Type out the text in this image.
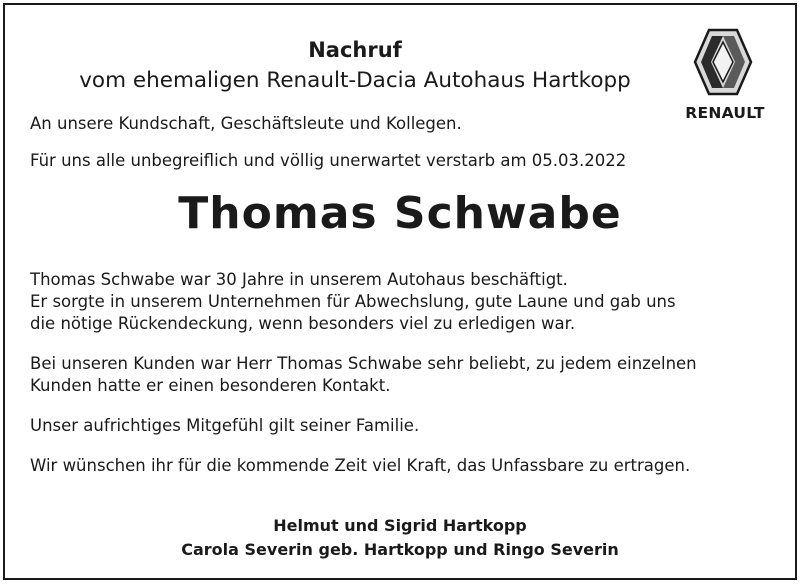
Nachruf
vom ehemaligen Renault-Dacia Autohaus Hartkopp
RENAULT
An unsere Kundschaft, Geschäftsleute und Kollegen.
Für uns alle unbegreiflich und völlig unerwartet verstarb am 05.03.2022
Thomas Schwabe
Thomas Schwabe war 30 Jahre in unserem Autohaus beschäftigt.
Er sorgte in unserem Unternehmen für Abwechslung, gute Laune und gab uns
die nötige Rückendeckung, wenn besonders viel zu erledigen war.
Bei unseren Kunden war Herr Thomas Schwabe sehr beliebt, zu jedem einzelnen
Kunden hatte er einen besonderen Kontakt.
Unser aufrichtiges Mitgefühl gilt seiner Familie.
Wir wünschen ihr für die kommende Zeit viel Kraft, das Unfassbare zu ertragen.
Helmut und Sigrid Hartkopp
Carola Severin geb. Hartkopp und Ringo Severin
